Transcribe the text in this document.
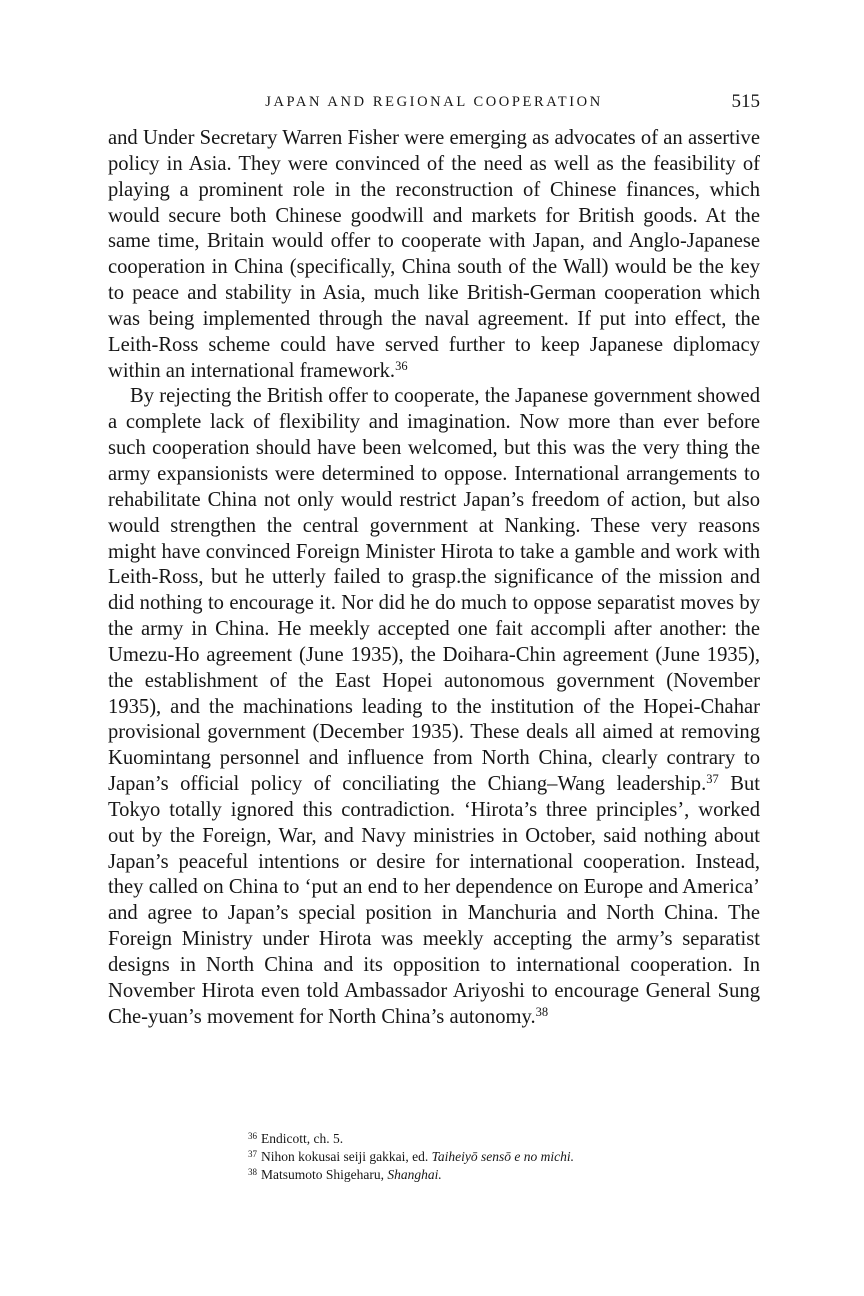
JAPAN AND REGIONAL COOPERATION	515

and Under Secretary Warren Fisher were emerging as advocates of an assertive policy in Asia. They were convinced of the need as well as the feasibility of playing a prominent role in the reconstruction of Chinese finances, which would secure both Chinese goodwill and markets for British goods. At the same time, Britain would offer to cooperate with Japan, and Anglo-Japanese cooperation in China (specifically, China south of the Wall) would be the key to peace and stability in Asia, much like British-German cooperation which was being implemented through the naval agreement. If put into effect, the Leith-Ross scheme could have served further to keep Japanese diplomacy within an international framework.$^{36}$

By rejecting the British offer to cooperate, the Japanese government showed a complete lack of flexibility and imagination. Now more than ever before such cooperation should have been welcomed, but this was the very thing the army expansionists were determined to oppose. International arrangements to rehabilitate China not only would restrict Japan’s freedom of action, but also would strengthen the central government at Nanking. These very reasons might have convinced Foreign Minister Hirota to take a gamble and work with Leith-Ross, but he utterly failed to grasp.the significance of the mission and did nothing to encourage it. Nor did he do much to oppose separatist moves by the army in China. He meekly accepted one fait accompli after another: the Umezu-Ho agreement (June 1935), the Doihara-Chin agreement (June 1935), the establishment of the East Hopei autonomous government (November 1935), and the machinations leading to the institution of the Hopei-Chahar provisional government (December 1935). These deals all aimed at removing Kuomintang personnel and influence from North China, clearly contrary to Japan’s official policy of conciliating the Chiang–Wang leadership.$^{37}$ But Tokyo totally ignored this contradiction. ‘Hirota’s three principles’, worked out by the Foreign, War, and Navy ministries in October, said nothing about Japan’s peaceful intentions or desire for international cooperation. Instead, they called on China to ‘put an end to her dependence on Europe and America’ and agree to Japan’s special position in Manchuria and North China. The Foreign Ministry under Hirota was meekly accepting the army’s separatist designs in North China and its opposition to international cooperation. In November Hirota even told Ambassador Ariyoshi to encourage General Sung Che-yuan’s movement for North China’s autonomy.$^{38}$

$^{36}$ Endicott, ch. 5.

$^{37}$ Nihon kokusai seiji gakkai, ed. Taiheiyō sensō e no michi.

$^{38}$ Matsumoto Shigeharu, Shanghai.
